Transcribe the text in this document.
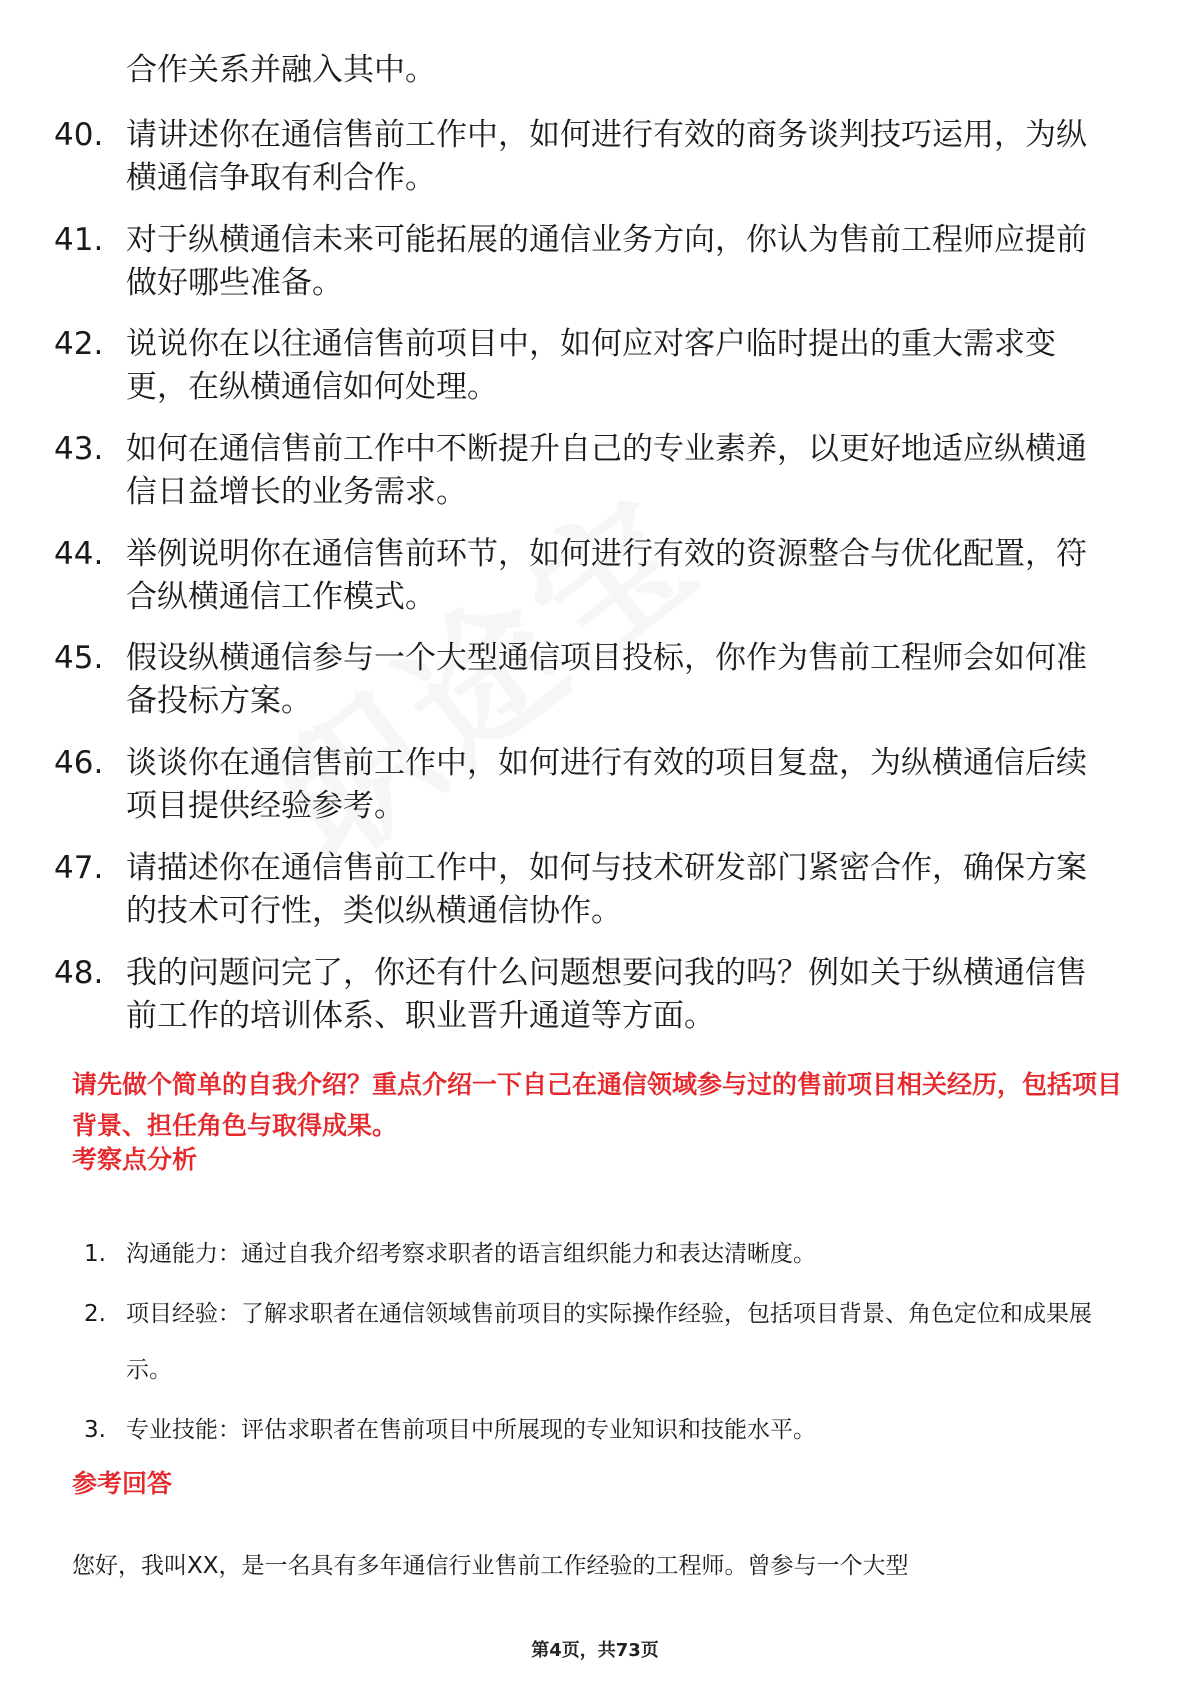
合作关系并融入其中。
40. 请讲述你在通信售前工作中，如何进行有效的商务谈判技巧运用，为纵横通信争取有利合作。
41. 对于纵横通信未来可能拓展的通信业务方向，你认为售前工程师应提前做好哪些准备。
42. 说说你在以往通信售前项目中，如何应对客户临时提出的重大需求变更，在纵横通信如何处理。
43. 如何在通信售前工作中不断提升自己的专业素养，以更好地适应纵横通信日益增长的业务需求。
44. 举例说明你在通信售前环节，如何进行有效的资源整合与优化配置，符合纵横通信工作模式。
45. 假设纵横通信参与一个大型通信项目投标，你作为售前工程师会如何准备投标方案。
46. 谈谈你在通信售前工作中，如何进行有效的项目复盘，为纵横通信后续项目提供经验参考。
47. 请描述你在通信售前工作中，如何与技术研发部门紧密合作，确保方案的技术可行性，类似纵横通信协作。
48. 我的问题问完了，你还有什么问题想要问我的吗？例如关于纵横通信售前工作的培训体系、职业晋升通道等方面。
请先做个简单的自我介绍？重点介绍一下自己在通信领域参与过的售前项目相关经历，包括项目背景、担任角色与取得成果。
考察点分析
1. 沟通能力：通过自我介绍考察求职者的语言组织能力和表达清晰度。
2. 项目经验：了解求职者在通信领域售前项目的实际操作经验，包括项目背景、角色定位和成果展示。
3. 专业技能：评估求职者在售前项目中所展现的专业知识和技能水平。
参考回答
您好，我叫XX，是一名具有多年通信行业售前工作经验的工程师。曾参与一个大型
第4页，共73页
